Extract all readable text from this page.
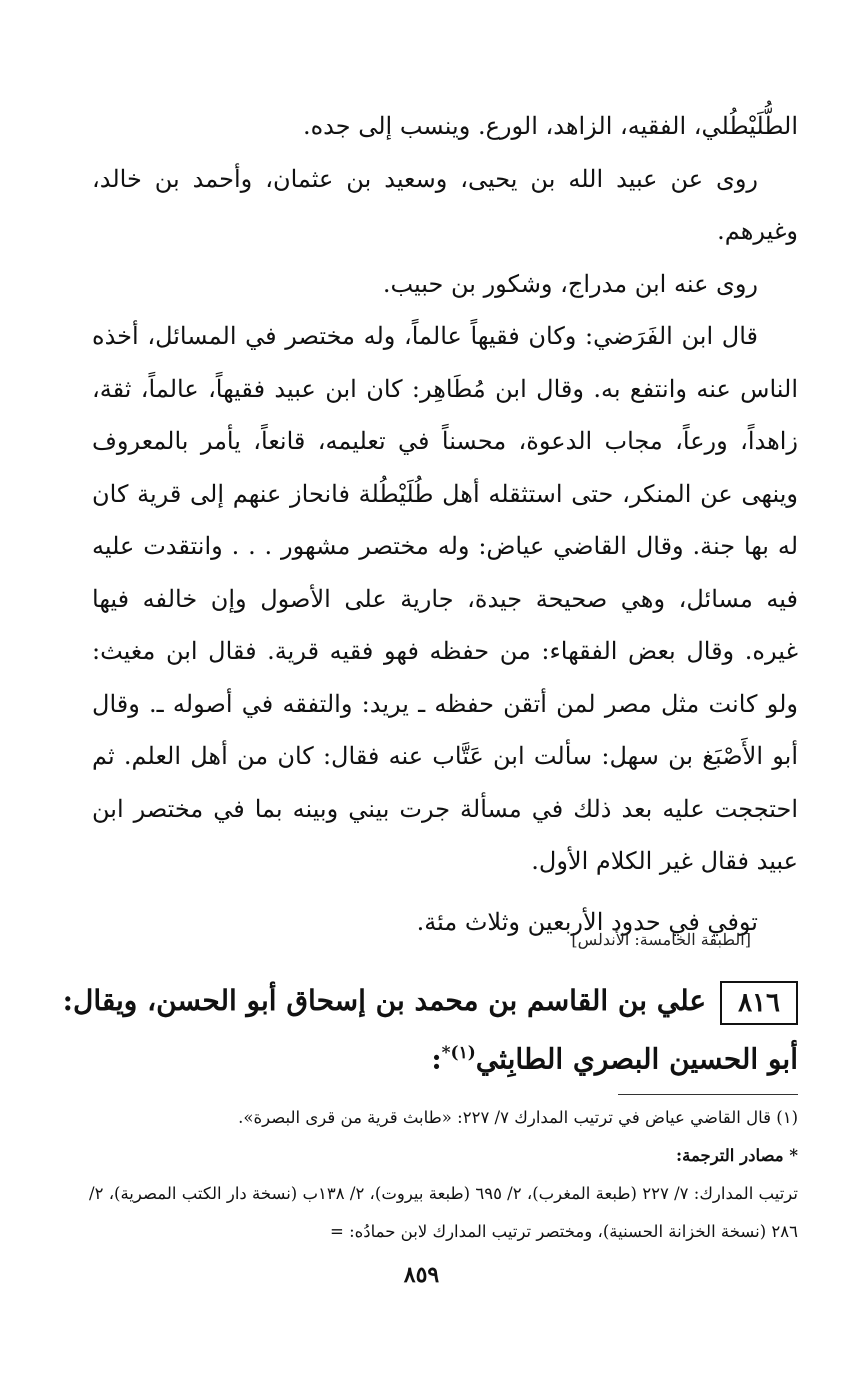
الطُّلَيْطُلي، الفقيه، الزاهد، الورع. وينسب إلى جده.

روى عن عبيد الله بن يحيى، وسعيد بن عثمان، وأحمد بن خالد، وغيرهم.

روى عنه ابن مدراج، وشكور بن حبيب.

قال ابن الفَرَضي: وكان فقيهاً عالماً، وله مختصر في المسائل، أخذه الناس عنه وانتفع به. وقال ابن مُطَاهِر: كان ابن عبيد فقيهاً، عالماً، ثقة، زاهداً، ورعاً، مجاب الدعوة، محسناً في تعليمه، قانعاً، يأمر بالمعروف وينهى عن المنكر، حتى استثقله أهل طُلَيْطُلة فانحاز عنهم إلى قرية كان له بها جنة. وقال القاضي عياض: وله مختصر مشهور . . . وانتقدت عليه فيه مسائل، وهي صحيحة جيدة، جارية على الأصول وإن خالفه فيها غيره. وقال بعض الفقهاء: من حفظه فهو فقيه قرية. فقال ابن مغيث: ولو كانت مثل مصر لمن أتقن حفظه ـ يريد: والتفقه في أصوله ـ. وقال أبو الأَصْبَغ بن سهل: سألت ابن عَتَّاب عنه فقال: كان من أهل العلم. ثم احتججت عليه بعد ذلك في مسألة جرت بيني وبينه بما في مختصر ابن عبيد فقال غير الكلام الأول.

توفي في حدود الأربعين وثلاث مئة.

[الطبقة الخامسة: الأندلس]
٨١٦علي بن القاسم بن محمد بن إسحاق أبو الحسن، ويقال: أبو الحسين البصري الطابِثي$^{(١)*}$:

(١) قال القاضي عياض في ترتيب المدارك ٧/ ٢٢٧: «طابث قرية من قرى البصرة».

* مصادر الترجمة:

ترتيب المدارك: ٧/ ٢٢٧ (طبعة المغرب)، ٢/ ٦٩٥ (طبعة بيروت)، ٢/ ١٣٨ب (نسخة دار الكتب المصرية)، ٢/ ٢٨٦ (نسخة الخزانة الحسنية)، ومختصر ترتيب المدارك لابن حمادُه: =

٨٥٩
